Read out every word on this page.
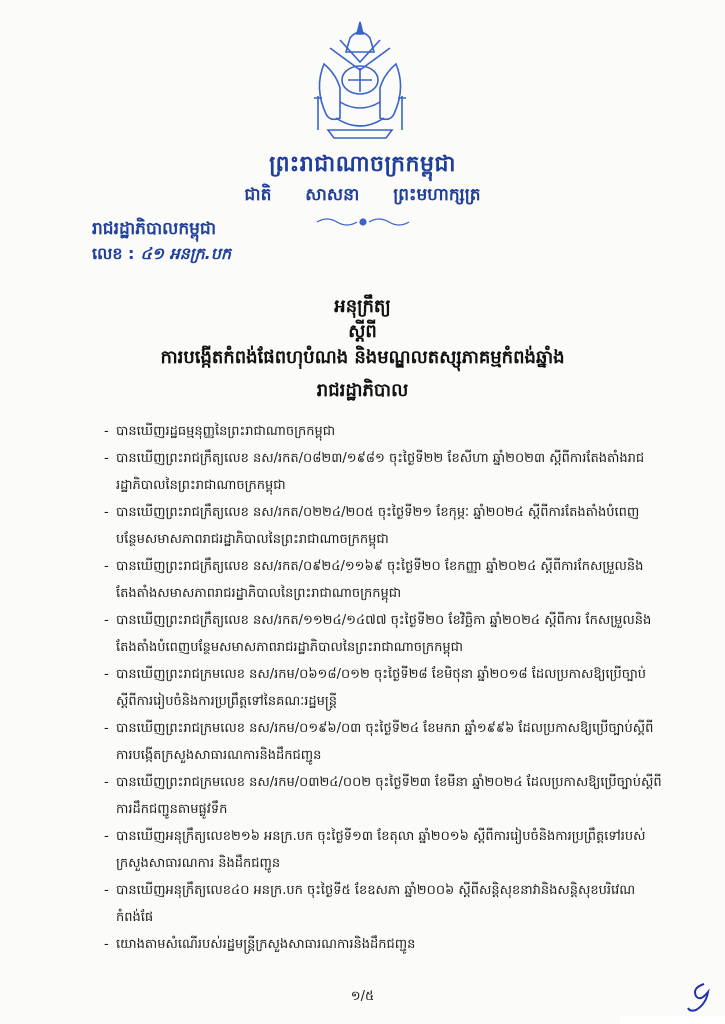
ព្រះរាជាណាចក្រកម្ពុជា
ជាតិ សាសនា ព្រះមហាក្សត្រ
រាជរដ្ឋាភិបាលកម្ពុជា
លេខ : ៤១ អនក្រ.បក
អនុក្រឹត្យ
ស្តីពី
ការបង្កើតកំពង់ផែពហុបំណង និងមណ្ឌលតស្សុភាគម្មកំពង់ឆ្នាំង
រាជរដ្ឋាភិបាល
- បានឃើញរដ្ឋធម្មនុញ្ញនៃព្រះរាជាណាចក្រកម្ពុជា
- បានឃើញព្រះរាជក្រឹត្យលេខ នស/រកត/០៨២៣/១៩៨១ ចុះថ្ងៃទី២២ ខែសីហា ឆ្នាំ២០២៣ ស្តីពីការតែងតាំងរាជរដ្ឋាភិបាលនៃព្រះរាជាណាចក្រកម្ពុជា
- បានឃើញព្រះរាជក្រឹត្យលេខ នស/រកត/០២២៤/២០៥ ចុះថ្ងៃទី២១ ខែកុម្ភៈ ឆ្នាំ២០២៤ ស្តីពីការតែងតាំងបំពេញបន្ថែមសមាសភាពរាជរដ្ឋាភិបាលនៃព្រះរាជាណាចក្រកម្ពុជា
- បានឃើញព្រះរាជក្រឹត្យលេខ នស/រកត/០៩២៤/១១៦៩ ចុះថ្ងៃទី២០ ខែកញ្ញា ឆ្នាំ២០២៤ ស្តីពីការកែសម្រួលនិងតែងតាំងសមាសភាពរាជរដ្ឋាភិបាលនៃព្រះរាជាណាចក្រកម្ពុជា
- បានឃើញព្រះរាជក្រឹត្យលេខ នស/រកត/១១២៤/១៤៧៧ ចុះថ្ងៃទី២០ ខែវិច្ឆិកា ឆ្នាំ២០២៤ ស្តីពីការ កែសម្រួលនិងតែងតាំងបំពេញបន្ថែមសមាសភាពរាជរដ្ឋាភិបាលនៃព្រះរាជាណាចក្រកម្ពុជា
- បានឃើញព្រះរាជក្រមលេខ នស/រកម/០៦១៨/០១២ ចុះថ្ងៃទី២៨ ខែមិថុនា ឆ្នាំ២០១៨ ដែលប្រកាសឱ្យប្រើច្បាប់ស្តីពីការរៀបចំនិងការប្រព្រឹត្តទៅនៃគណៈរដ្ឋមន្ត្រី
- បានឃើញព្រះរាជក្រមលេខ នស/រកម/០១៩៦/០៣ ចុះថ្ងៃទី២៤ ខែមករា ឆ្នាំ១៩៩៦ ដែលប្រកាសឱ្យប្រើច្បាប់ស្តីពីការបង្កើតក្រសួងសាធារណការនិងដឹកជញ្ជូន
- បានឃើញព្រះរាជក្រមលេខ នស/រកម/០៣២៤/០០២ ចុះថ្ងៃទី២៣ ខែមីនា ឆ្នាំ២០២៤ ដែលប្រកាសឱ្យប្រើច្បាប់ស្តីពីការដឹកជញ្ជូនតាមផ្លូវទឹក
- បានឃើញអនុក្រឹត្យលេខ២១៦ អនក្រ.បក ចុះថ្ងៃទី១៣ ខែតុលា ឆ្នាំ២០១៦ ស្តីពីការរៀបចំនិងការប្រព្រឹត្តទៅរបស់ក្រសួងសាធារណការ និងដឹកជញ្ជូន
- បានឃើញអនុក្រឹត្យលេខ៤០ អនក្រ.បក ចុះថ្ងៃទី៥ ខែឧសភា ឆ្នាំ២០០៦ ស្តីពីសន្តិសុខនាវានិងសន្តិសុខបរិវេណកំពង់ផែ
- យោងតាមសំណើរបស់រដ្ឋមន្ត្រីក្រសួងសាធារណការនិងដឹកជញ្ជូន
១/៥
